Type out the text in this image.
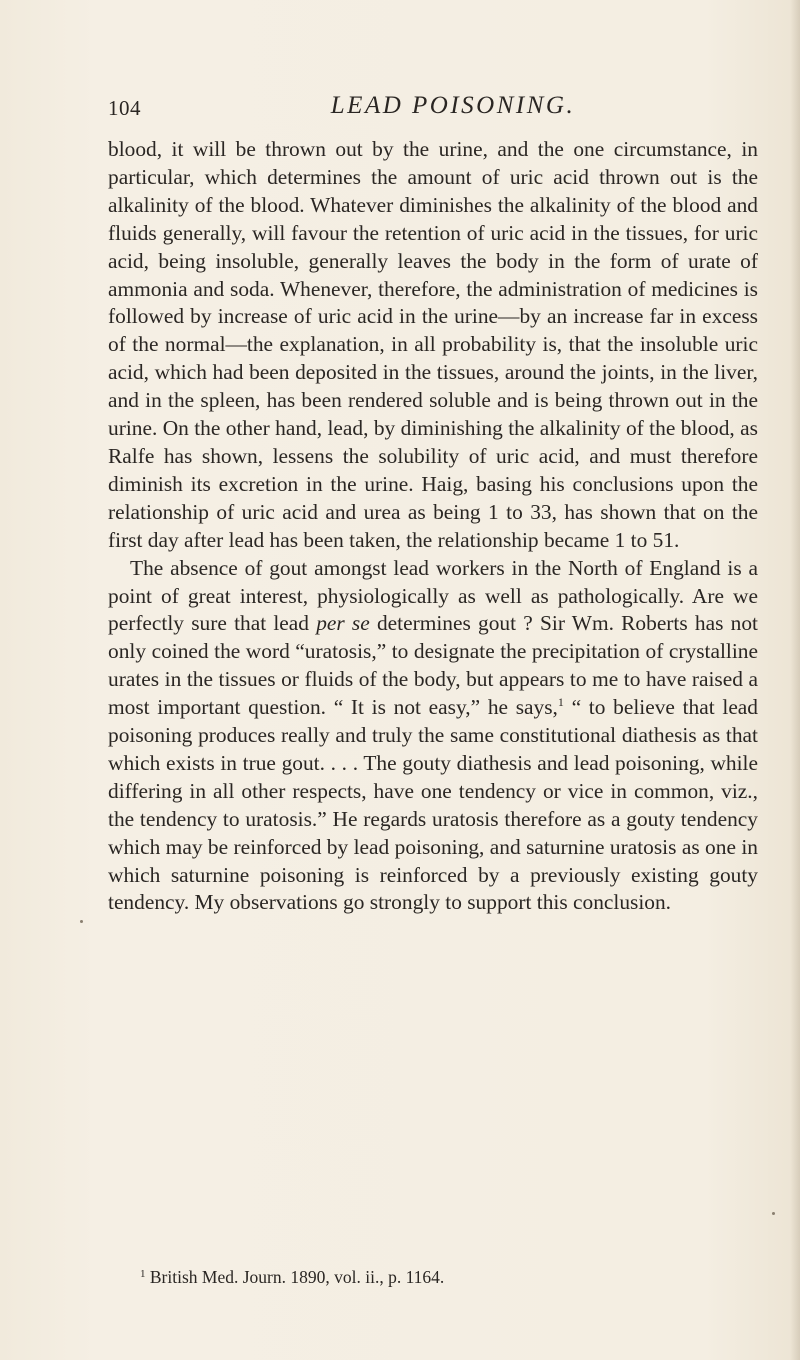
104	LEAD POISONING.

blood, it will be thrown out by the urine, and the one circumstance, in particular, which determines the amount of uric acid thrown out is the alkalinity of the blood. Whatever diminishes the alkalinity of the blood and fluids generally, will favour the retention of uric acid in the tissues, for uric acid, being insoluble, generally leaves the body in the form of urate of ammonia and soda. Whenever, therefore, the administration of medicines is followed by increase of uric acid in the urine—by an increase far in excess of the normal—the explanation, in all probability is, that the insoluble uric acid, which had been deposited in the tissues, around the joints, in the liver, and in the spleen, has been rendered soluble and is being thrown out in the urine. On the other hand, lead, by diminishing the alkalinity of the blood, as Ralfe has shown, lessens the solubility of uric acid, and must therefore diminish its excretion in the urine. Haig, basing his conclusions upon the relationship of uric acid and urea as being 1 to 33, has shown that on the first day after lead has been taken, the relationship became 1 to 51.

The absence of gout amongst lead workers in the North of England is a point of great interest, physiologically as well as pathologically. Are we perfectly sure that lead per se determines gout ? Sir Wm. Roberts has not only coined the word “uratosis,” to designate the precipitation of crystalline urates in the tissues or fluids of the body, but appears to me to have raised a most important question. “ It is not easy,” he says,$^1$ “ to believe that lead poisoning produces really and truly the same constitutional diathesis as that which exists in true gout. . . . The gouty diathesis and lead poisoning, while differing in all other respects, have one tendency or vice in common, viz., the tendency to uratosis.” He regards uratosis therefore as a gouty tendency which may be reinforced by lead poisoning, and saturnine uratosis as one in which saturnine poisoning is reinforced by a previously existing gouty tendency. My observations go strongly to support this conclusion.

$^1$ British Med. Journ. 1890, vol. ii., p. 1164.
